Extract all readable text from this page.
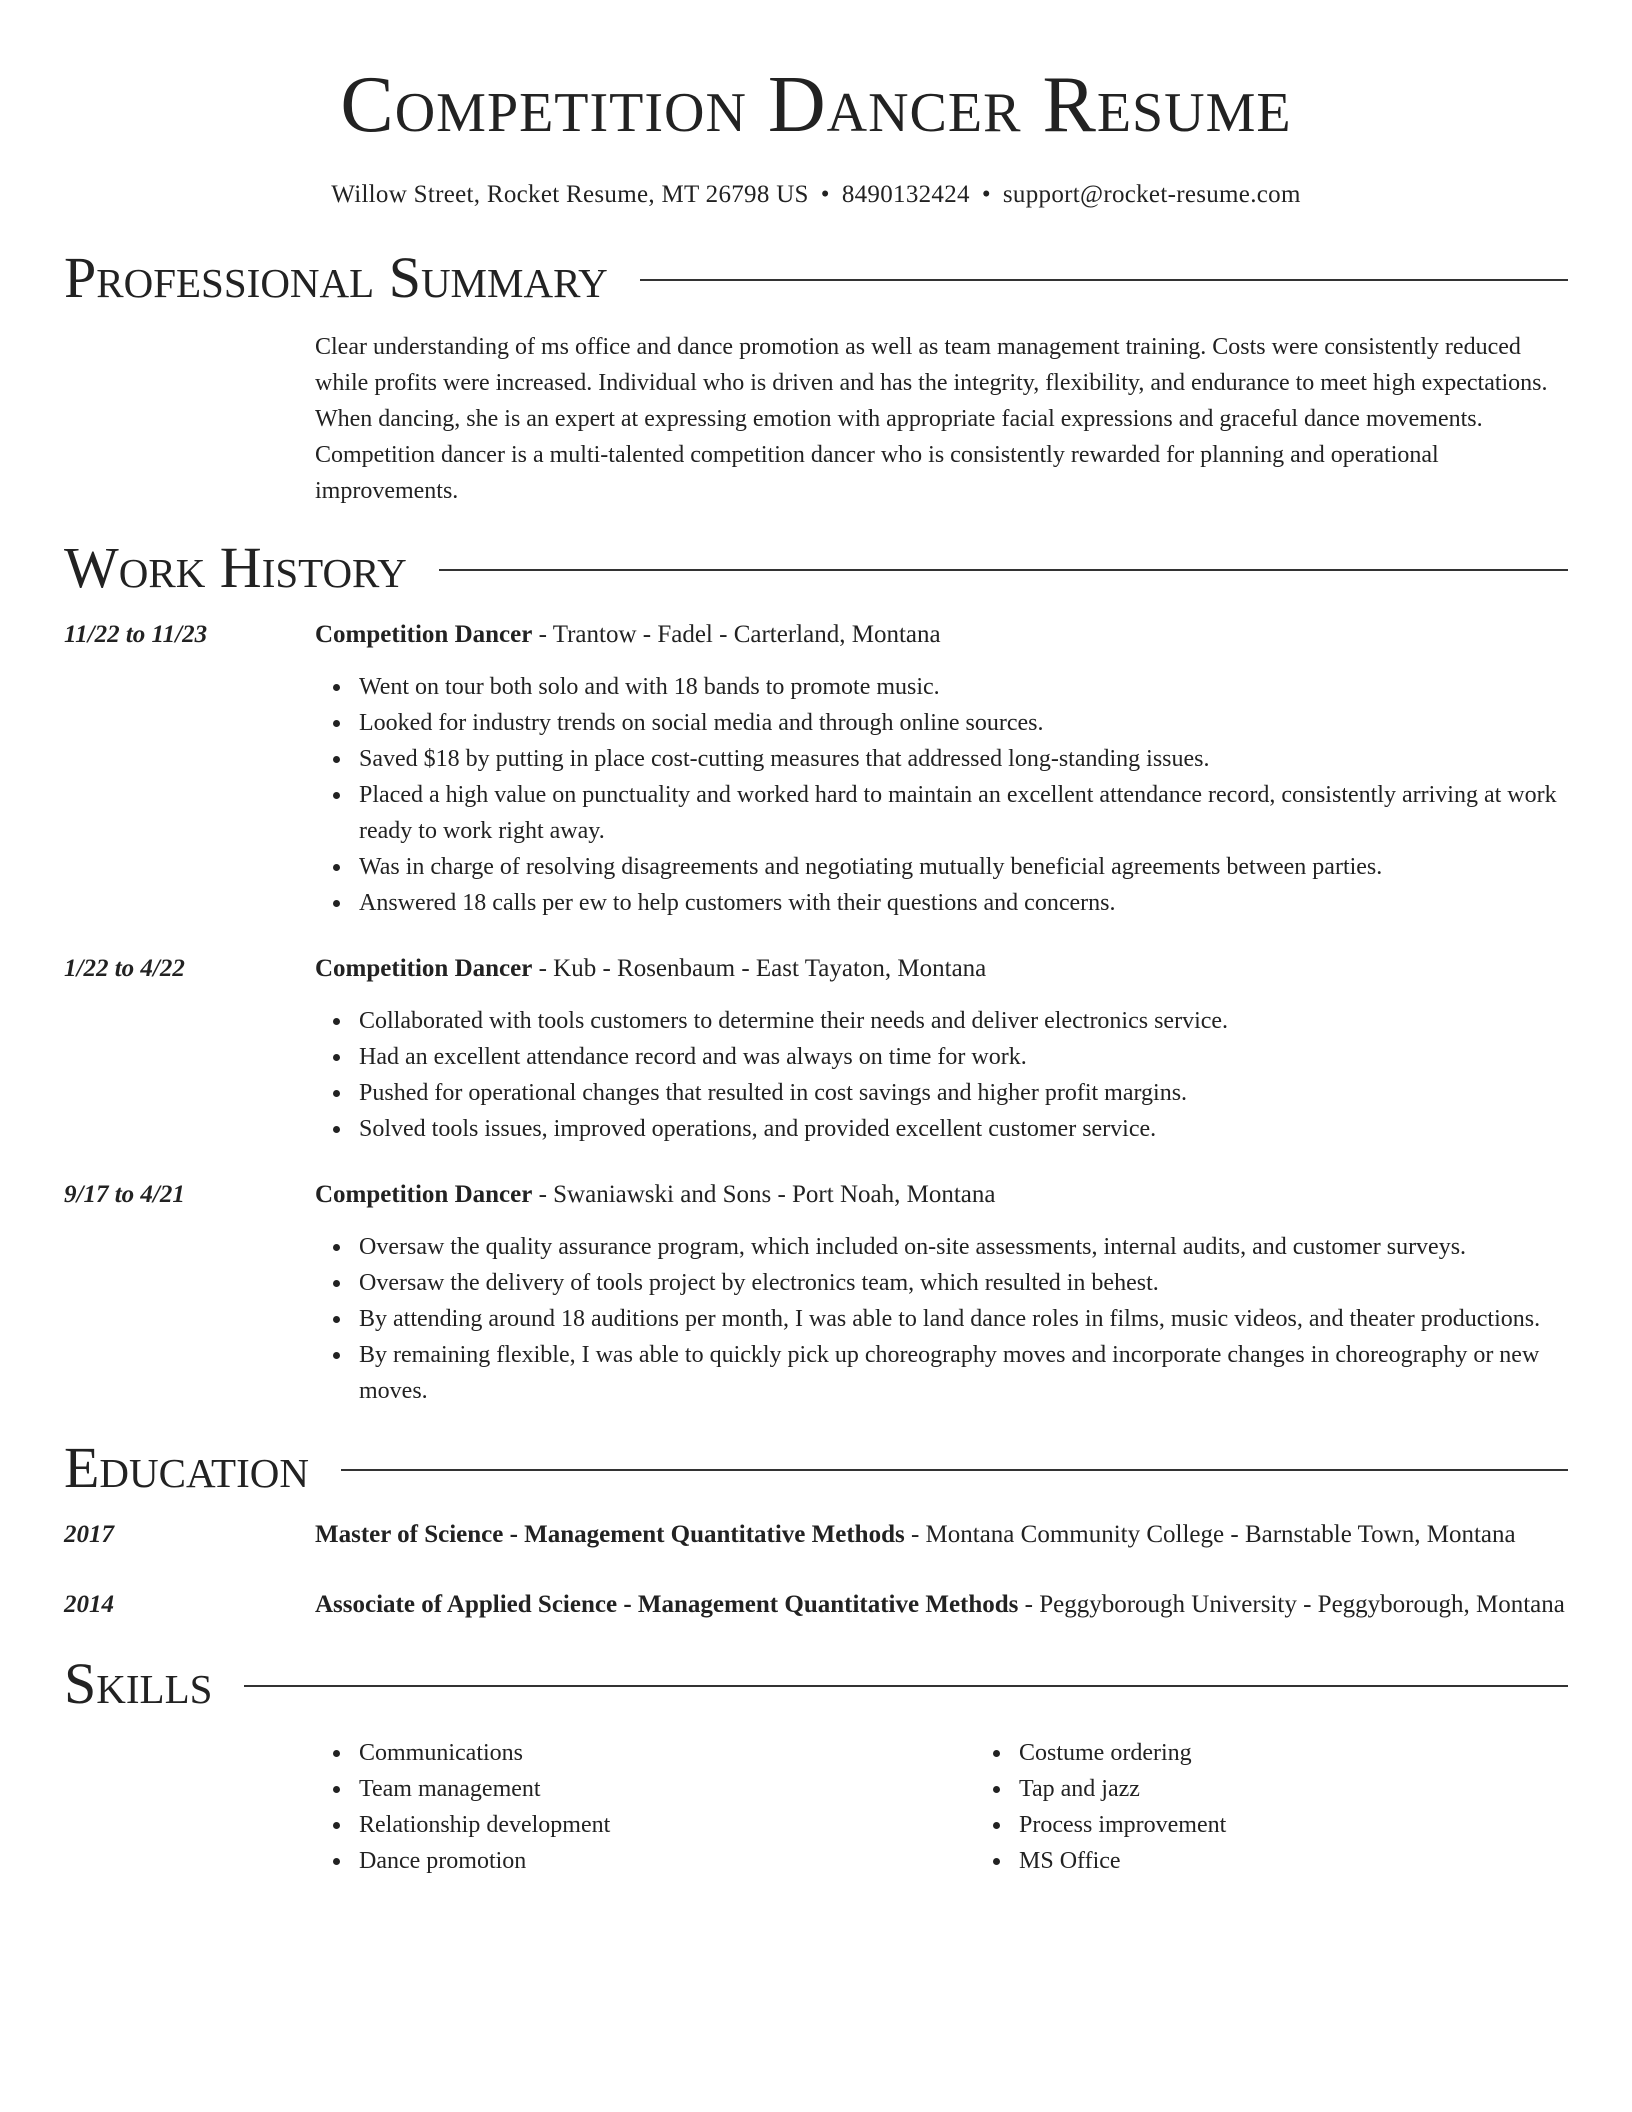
Competition Dancer Resume
Willow Street, Rocket Resume, MT 26798 US • 8490132424 • support@rocket-resume.com
Professional Summary
Clear understanding of ms office and dance promotion as well as team management training. Costs were consistently reduced while profits were increased. Individual who is driven and has the integrity, flexibility, and endurance to meet high expectations. When dancing, she is an expert at expressing emotion with appropriate facial expressions and graceful dance movements. Competition dancer is a multi-talented competition dancer who is consistently rewarded for planning and operational improvements.
Work History
11/22 to 11/23	Competition Dancer - Trantow - Fadel - Carterland, Montana
Went on tour both solo and with 18 bands to promote music.
Looked for industry trends on social media and through online sources.
Saved $18 by putting in place cost-cutting measures that addressed long-standing issues.
Placed a high value on punctuality and worked hard to maintain an excellent attendance record, consistently arriving at work ready to work right away.
Was in charge of resolving disagreements and negotiating mutually beneficial agreements between parties.
Answered 18 calls per ew to help customers with their questions and concerns.
1/22 to 4/22	Competition Dancer - Kub - Rosenbaum - East Tayaton, Montana
Collaborated with tools customers to determine their needs and deliver electronics service.
Had an excellent attendance record and was always on time for work.
Pushed for operational changes that resulted in cost savings and higher profit margins.
Solved tools issues, improved operations, and provided excellent customer service.
9/17 to 4/21	Competition Dancer - Swaniawski and Sons - Port Noah, Montana
Oversaw the quality assurance program, which included on-site assessments, internal audits, and customer surveys.
Oversaw the delivery of tools project by electronics team, which resulted in behest.
By attending around 18 auditions per month, I was able to land dance roles in films, music videos, and theater productions.
By remaining flexible, I was able to quickly pick up choreography moves and incorporate changes in choreography or new moves.
Education
2017	Master of Science - Management Quantitative Methods - Montana Community College - Barnstable Town, Montana
2014	Associate of Applied Science - Management Quantitative Methods - Peggyborough University - Peggyborough, Montana
Skills
Communications
Team management
Relationship development
Dance promotion
Costume ordering
Tap and jazz
Process improvement
MS Office
